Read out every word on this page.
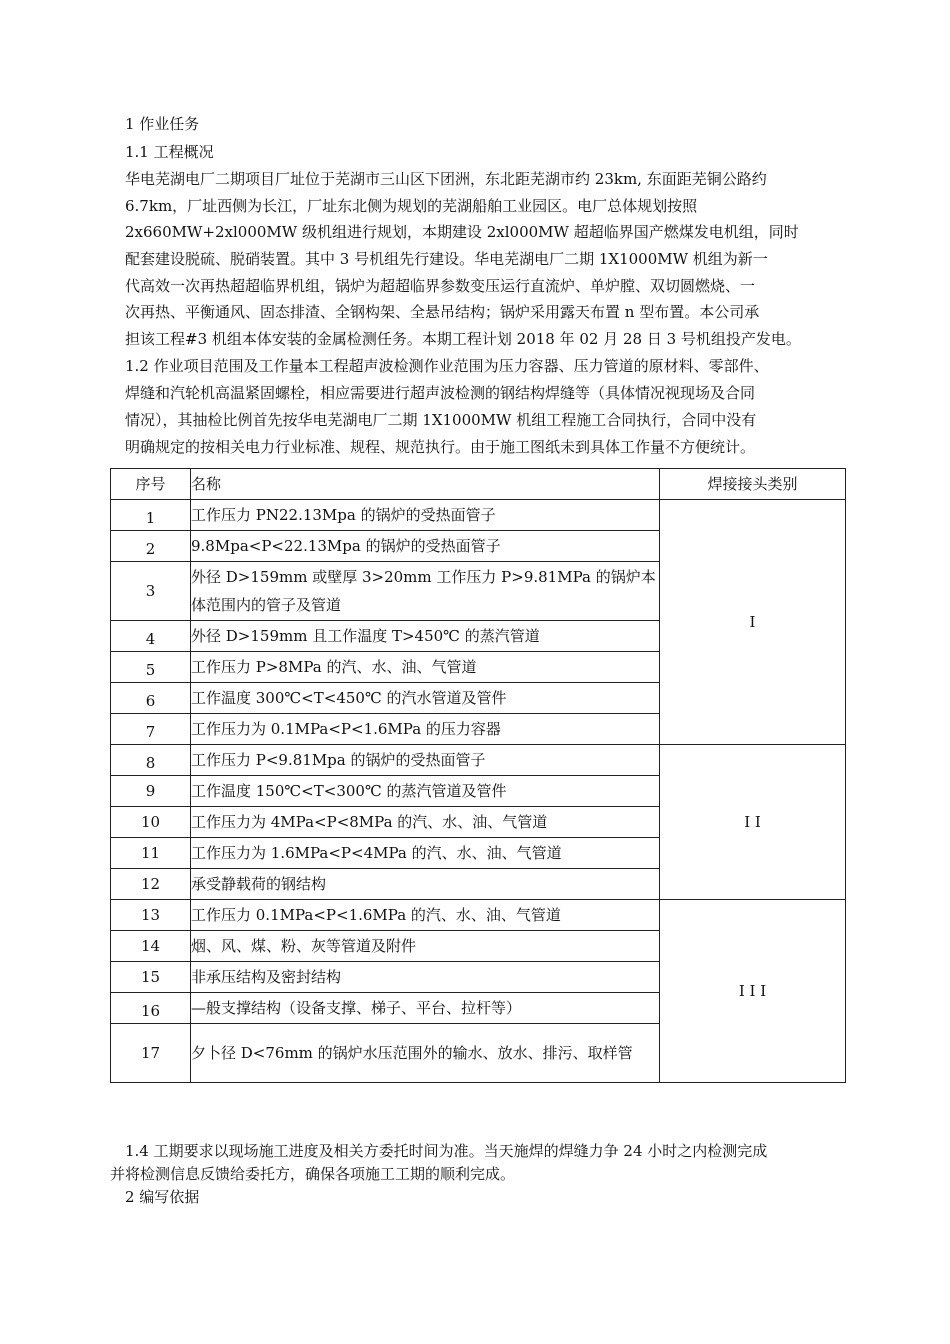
1 作业任务
1.1 工程概况
华电芜湖电厂二期项目厂址位于芜湖市三山区下团洲，东北距芜湖市约 23km, 东面距芜铜公路约
6.7km，厂址西侧为长江，厂址东北侧为规划的芜湖船舶工业园区。电厂总体规划按照
2x660MW+2xl000MW 级机组进行规划，本期建设 2xl000MW 超超临界国产燃煤发电机组，同时
配套建设脱硫、脱硝装置。其中 3 号机组先行建设。华电芜湖电厂二期 1X1000MW 机组为新一
代高效一次再热超超临界机组，锅炉为超超临界参数变压运行直流炉、单炉膛、双切圆燃烧、一
次再热、平衡通风、固态排渣、全钢构架、全悬吊结构；锅炉采用露天布置 n 型布置。本公司承
担该工程#3 机组本体安装的金属检测任务。本期工程计划 2018 年 02 月 28 日 3 号机组投产发电。
1.2 作业项目范围及工作量本工程超声波检测作业范围为压力容器、压力管道的原材料、零部件、
焊缝和汽轮机高温紧固螺栓，相应需要进行超声波检测的钢结构焊缝等（具体情况视现场及合同
情况），其抽检比例首先按华电芜湖电厂二期 1X1000MW 机组工程施工合同执行，合同中没有
明确规定的按相关电力行业标准、规程、规范执行。由于施工图纸未到具体工作量不方便统计。
序号	名称	焊接接头类别
1	工作压力 PN22.13Mpa 的锅炉的受热面管子	I
2	9.8Mpa<P<22.13Mpa 的锅炉的受热面管子	
3	外径 D>159mm 或壁厚 3>20mm 工作压力 P>9.81MPa 的锅炉本体范围内的管子及管道	
4	外径 D>159mm 且工作温度 T>450℃ 的蒸汽管道	
5	工作压力 P>8MPa 的汽、水、油、气管道	
6	工作温度 300℃<T<450℃ 的汽水管道及管件	
7	工作压力为 0.1MPa<P<1.6MPa 的压力容器	
8	工作压力 P<9.81Mpa 的锅炉的受热面管子	I I
9	工作温度 150℃<T<300℃ 的蒸汽管道及管件	
10	工作压力为 4MPa<P<8MPa 的汽、水、油、气管道	
11	工作压力为 1.6MPa<P<4MPa 的汽、水、油、气管道	
12	承受静载荷的钢结构	
13	工作压力 0.1MPa<P<1.6MPa 的汽、水、油、气管道	I I I
14	烟、风、煤、粉、灰等管道及附件	
15	非承压结构及密封结构	
16	—般支撑结构（设备支撑、梯子、平台、拉杆等）	
17	夕卜径 D<76mm 的锅炉水压范围外的输水、放水、排污、取样管	
1.4 工期要求以现场施工进度及相关方委托时间为准。当天施焊的焊缝力争 24 小时之内检测完成
并将检测信息反馈给委托方，确保各项施工工期的顺利完成。
2 编写依据
